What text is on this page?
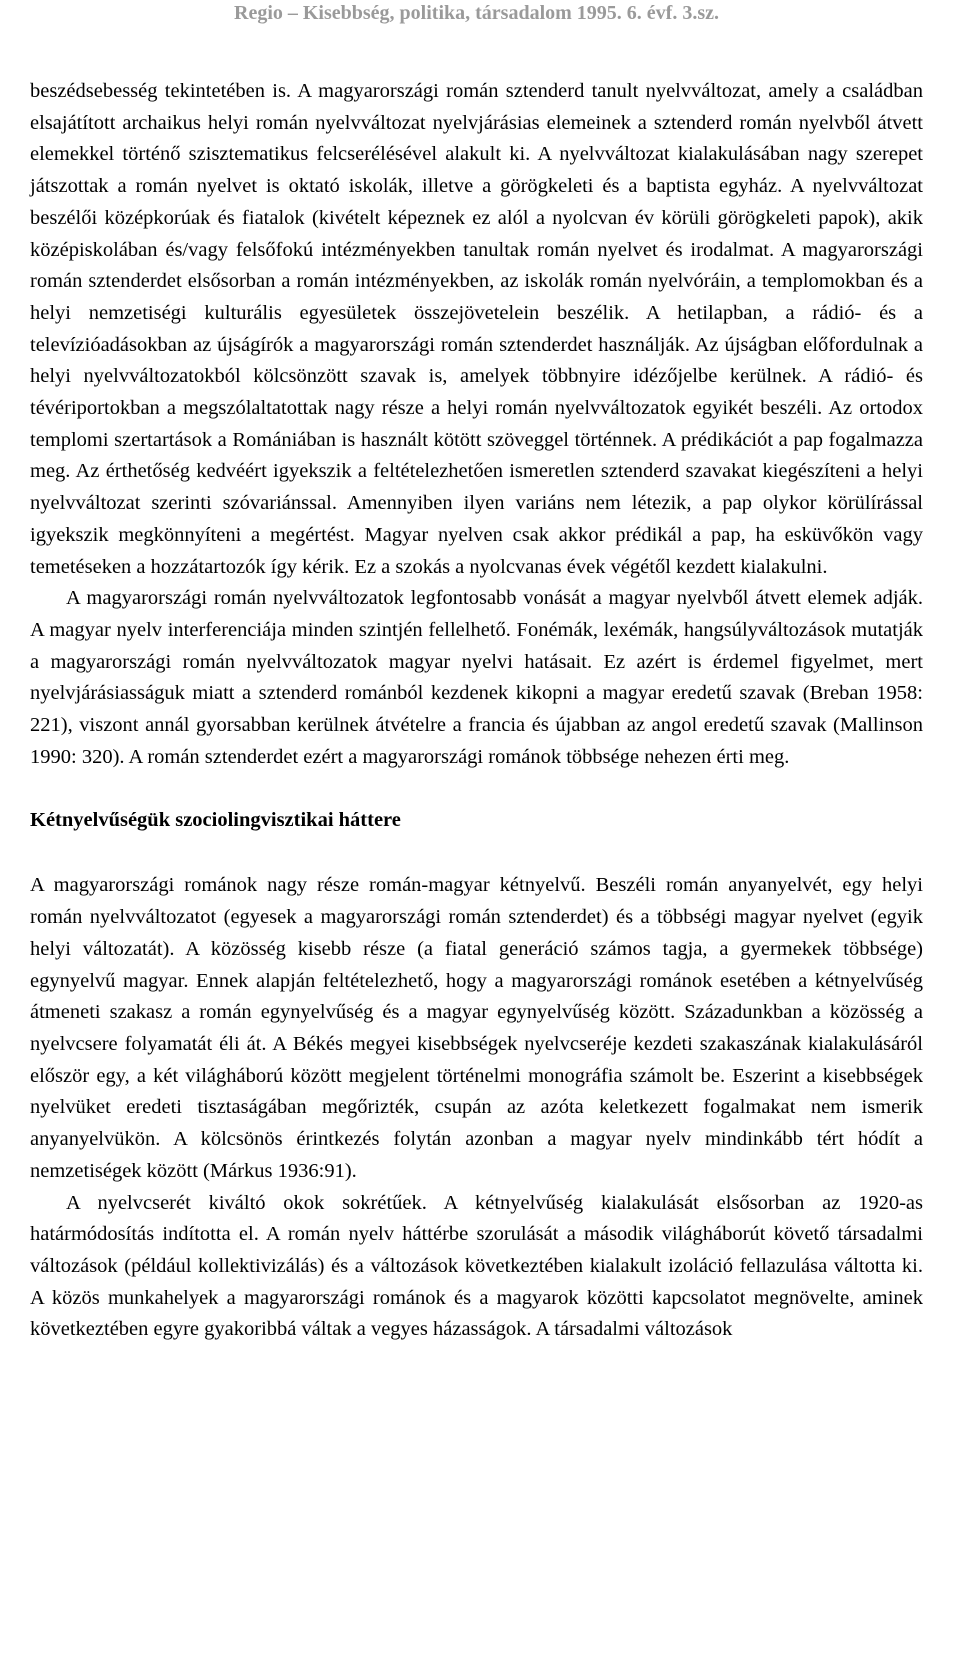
Regio – Kisebbség, politika, társadalom 1995. 6. évf. 3.sz.

beszédsebesség tekintetében is. A magyarországi román sztenderd tanult nyelvváltozat, amely a családban elsajátított archaikus helyi román nyelvváltozat nyelvjárásias elemeinek a sztenderd román nyelvből átvett elemekkel történő szisztematikus felcserélésével alakult ki. A nyelvváltozat kialakulásában nagy szerepet játszottak a román nyelvet is oktató iskolák, illetve a görögkeleti és a baptista egyház. A nyelvváltozat beszélői középkorúak és fiatalok (kivételt képeznek ez alól a nyolcvan év körüli görögkeleti papok), akik középiskolában és/vagy felsőfokú intézményekben tanultak román nyelvet és irodalmat. A magyarországi román sztenderdet elsősorban a román intézményekben, az iskolák román nyelvóráin, a templomokban és a helyi nemzetiségi kulturális egyesületek összejövetelein beszélik. A hetilapban, a rádió- és a televízióadásokban az újságírók a magyarországi román sztenderdet használják. Az újságban előfordulnak a helyi nyelvváltozatokból kölcsönzött szavak is, amelyek többnyire idézőjelbe kerülnek. A rádió- és tévériportokban a megszólaltatottak nagy része a helyi román nyelvváltozatok egyikét beszéli. Az ortodox templomi szertartások a Romániában is használt kötött szöveggel történnek. A prédikációt a pap fogalmazza meg. Az érthetőség kedvéért igyekszik a feltételezhetően ismeretlen sztenderd szavakat kiegészíteni a helyi nyelvváltozat szerinti szóvariánssal. Amennyiben ilyen variáns nem létezik, a pap olykor körülírással igyekszik megkönnyíteni a megértést. Magyar nyelven csak akkor prédikál a pap, ha esküvőkön vagy temetéseken a hozzátartozók így kérik. Ez a szokás a nyolcvanas évek végétől kezdett kialakulni.

A magyarországi román nyelvváltozatok legfontosabb vonását a magyar nyelvből átvett elemek adják. A magyar nyelv interferenciája minden szintjén fellelhető. Fonémák, lexémák, hangsúlyváltozások mutatják a magyarországi román nyelvváltozatok magyar nyelvi hatásait. Ez azért is érdemel figyelmet, mert nyelvjárásiasságuk miatt a sztenderd románból kezdenek kikopni a magyar eredetű szavak (Breban 1958: 221), viszont annál gyorsabban kerülnek átvételre a francia és újabban az angol eredetű szavak (Mallinson 1990: 320). A román sztenderdet ezért a magyarországi románok többsége nehezen érti meg.

Kétnyelvűségük szociolingvisztikai háttere

A magyarországi románok nagy része román-magyar kétnyelvű. Beszéli román anyanyelvét, egy helyi román nyelvváltozatot (egyesek a magyarországi román sztenderdet) és a többségi magyar nyelvet (egyik helyi változatát). A közösség kisebb része (a fiatal generáció számos tagja, a gyermekek többsége) egynyelvű magyar. Ennek alapján feltételezhető, hogy a magyarországi románok esetében a kétnyelvűség átmeneti szakasz a román egynyelvűség és a magyar egynyelvűség között. Századunkban a közösség a nyelvcsere folyamatát éli át. A Békés megyei kisebbségek nyelvcseréje kezdeti szakaszának kialakulásáról először egy, a két világháború között megjelent történelmi monográfia számolt be. Eszerint a kisebbségek nyelvüket eredeti tisztaságában megőrizték, csupán az azóta keletkezett fogalmakat nem ismerik anyanyelvükön. A kölcsönös érintkezés folytán azonban a magyar nyelv mindinkább tért hódít a nemzetiségek között (Márkus 1936:91).

A nyelvcserét kiváltó okok sokrétűek. A kétnyelvűség kialakulását elsősorban az 1920-as határmódosítás indította el. A román nyelv háttérbe szorulását a második világháborút követő társadalmi változások (például kollektivizálás) és a változások következtében kialakult izoláció fellazulása váltotta ki. A közös munkahelyek a magyarországi románok és a magyarok közötti kapcsolatot megnövelte, aminek következtében egyre gyakoribbá váltak a vegyes házasságok. A társadalmi változások
